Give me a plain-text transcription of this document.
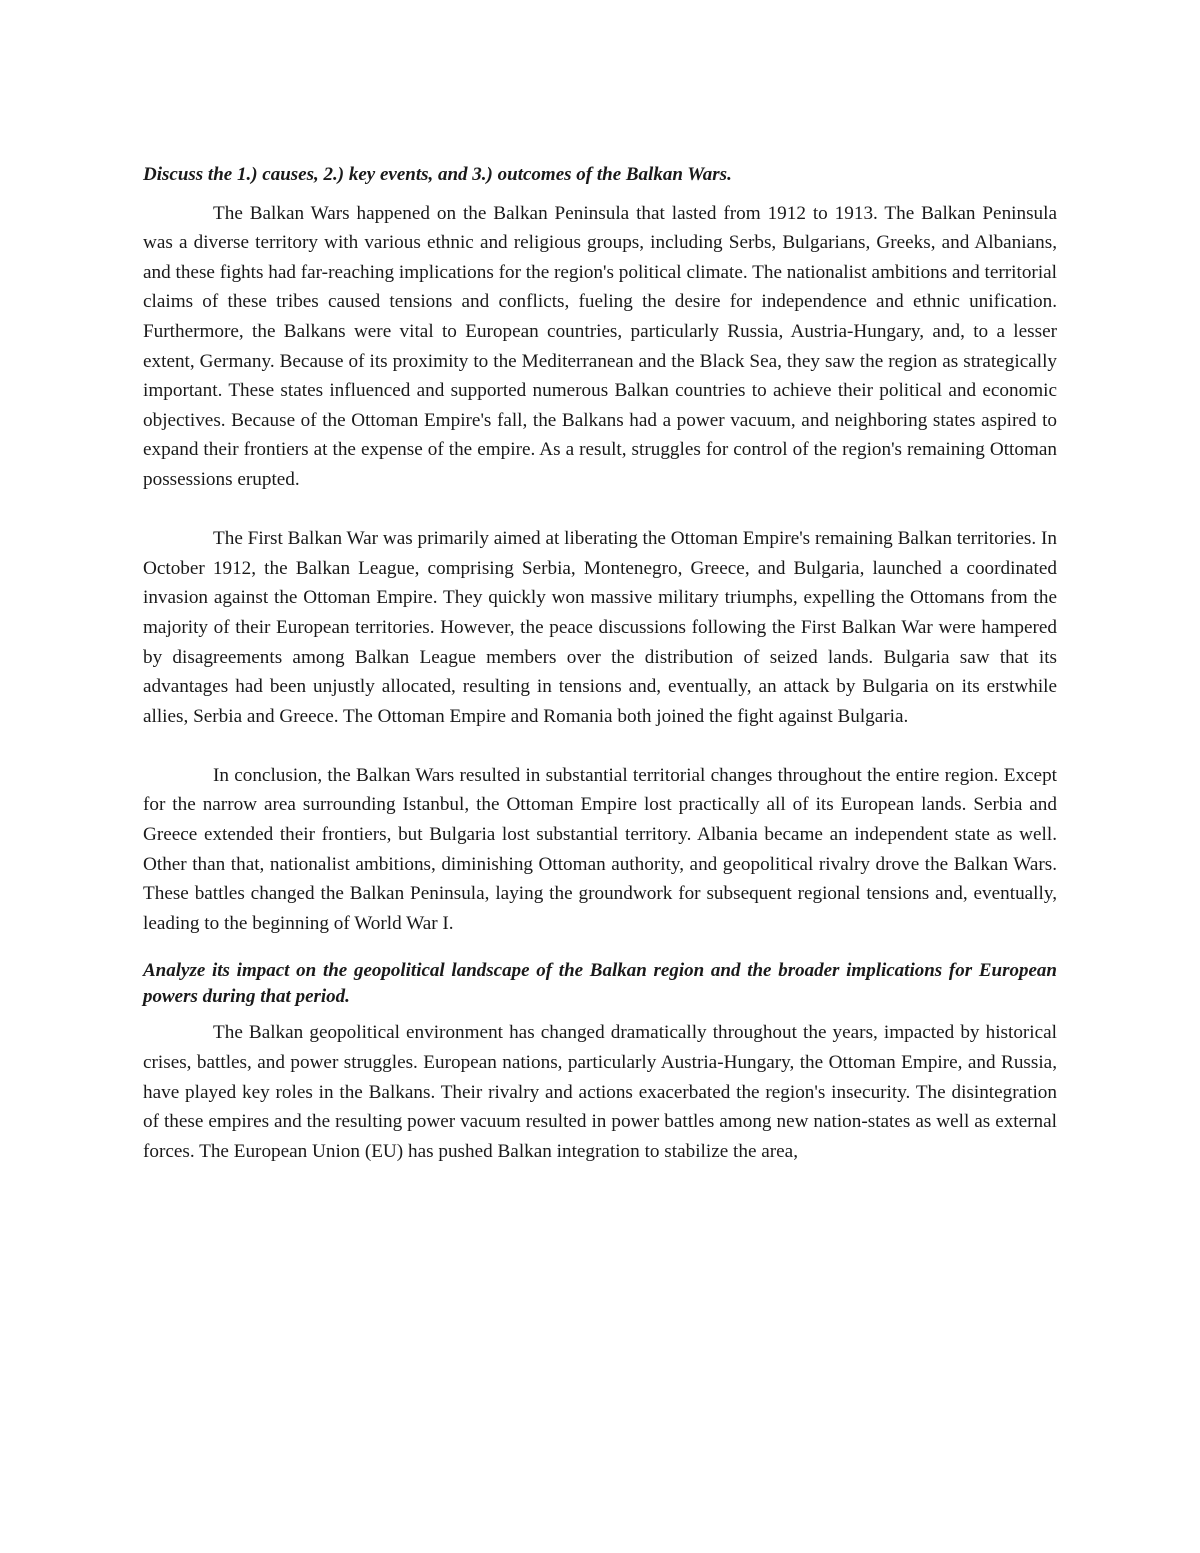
Discuss the 1.) causes, 2.) key events, and 3.) outcomes of the Balkan Wars.

The Balkan Wars happened on the Balkan Peninsula that lasted from 1912 to 1913. The Balkan Peninsula was a diverse territory with various ethnic and religious groups, including Serbs, Bulgarians, Greeks, and Albanians, and these fights had far-reaching implications for the region's political climate. The nationalist ambitions and territorial claims of these tribes caused tensions and conflicts, fueling the desire for independence and ethnic unification. Furthermore, the Balkans were vital to European countries, particularly Russia, Austria-Hungary, and, to a lesser extent, Germany. Because of its proximity to the Mediterranean and the Black Sea, they saw the region as strategically important. These states influenced and supported numerous Balkan countries to achieve their political and economic objectives. Because of the Ottoman Empire's fall, the Balkans had a power vacuum, and neighboring states aspired to expand their frontiers at the expense of the empire. As a result, struggles for control of the region's remaining Ottoman possessions erupted.

The First Balkan War was primarily aimed at liberating the Ottoman Empire's remaining Balkan territories. In October 1912, the Balkan League, comprising Serbia, Montenegro, Greece, and Bulgaria, launched a coordinated invasion against the Ottoman Empire. They quickly won massive military triumphs, expelling the Ottomans from the majority of their European territories. However, the peace discussions following the First Balkan War were hampered by disagreements among Balkan League members over the distribution of seized lands. Bulgaria saw that its advantages had been unjustly allocated, resulting in tensions and, eventually, an attack by Bulgaria on its erstwhile allies, Serbia and Greece. The Ottoman Empire and Romania both joined the fight against Bulgaria.

In conclusion, the Balkan Wars resulted in substantial territorial changes throughout the entire region. Except for the narrow area surrounding Istanbul, the Ottoman Empire lost practically all of its European lands. Serbia and Greece extended their frontiers, but Bulgaria lost substantial territory. Albania became an independent state as well. Other than that, nationalist ambitions, diminishing Ottoman authority, and geopolitical rivalry drove the Balkan Wars. These battles changed the Balkan Peninsula, laying the groundwork for subsequent regional tensions and, eventually, leading to the beginning of World War I.

Analyze its impact on the geopolitical landscape of the Balkan region and the broader implications for European powers during that period.

The Balkan geopolitical environment has changed dramatically throughout the years, impacted by historical crises, battles, and power struggles. European nations, particularly Austria-Hungary, the Ottoman Empire, and Russia, have played key roles in the Balkans. Their rivalry and actions exacerbated the region's insecurity. The disintegration of these empires and the resulting power vacuum resulted in power battles among new nation-states as well as external forces. The European Union (EU) has pushed Balkan integration to stabilize the area,
